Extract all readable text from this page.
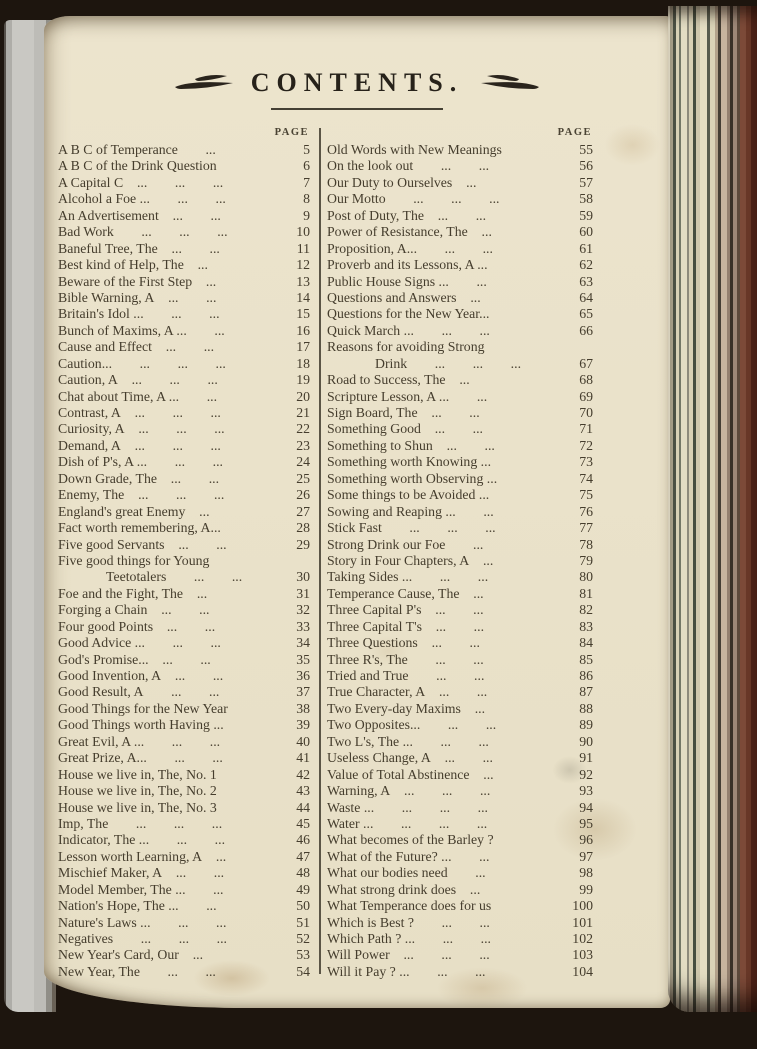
CONTENTS.
PAGE
A B C of Temperance  ...	5
A B C of the Drink Question	6
A Capital C ...  ...  ...	7
Alcohol a Foe ...  ...  ...	8
An Advertisement ...  ...	9
Bad Work  ...  ...  ...	10
Baneful Tree, The ...  ...	11
Best kind of Help, The ...	12
Beware of the First Step ...	13
Bible Warning, A ...  ...	14
Britain's Idol ...  ...  ...	15
Bunch of Maxims, A ...  ...	16
Cause and Effect ...  ...	17
Caution...  ...  ...  ...	18
Caution, A ...  ...  ...	19
Chat about Time, A ...  ...	20
Contrast, A ...  ...  ...	21
Curiosity, A ...  ...  ...	22
Demand, A ...  ...  ...	23
Dish of P's, A ...  ...  ...	24
Down Grade, The ...  ...	25
Enemy, The ...  ...  ...	26
England's great Enemy ...	27
Fact worth remembering, A...	28
Five good Servants ...  ...	29
Five good things for Young
Teetotalers  ...  ...	30
Foe and the Fight, The ...	31
Forging a Chain ...  ...	32
Four good Points ...  ...	33
Good Advice ...  ...  ...	34
God's Promise... ...  ...	35
Good Invention, A ...  ...	36
Good Result, A  ...  ...	37
Good Things for the New Year	38
Good Things worth Having ...	39
Great Evil, A ...  ...  ...	40
Great Prize, A...  ...  ...	41
House we live in, The, No. 1	42
House we live in, The, No. 2	43
House we live in, The, No. 3	44
Imp, The  ...  ...  ...	45
Indicator, The ...  ...  ...	46
Lesson worth Learning, A ...	47
Mischief Maker, A ...  ...	48
Model Member, The ...  ...	49
Nation's Hope, The ...  ...	50
Nature's Laws ...  ...  ...	51
Negatives  ...  ...  ...	52
New Year's Card, Our ...	53
New Year, The  ...  ...	54
PAGE
Old Words with New Meanings	55
On the look out  ...  ...	56
Our Duty to Ourselves ...	57
Our Motto  ...  ...  ...	58
Post of Duty, The ...  ...	59
Power of Resistance, The ...	60
Proposition, A...  ...  ...	61
Proverb and its Lessons, A ...	62
Public House Signs ...  ...	63
Questions and Answers ...	64
Questions for the New Year...	65
Quick March ...  ...  ...	66
Reasons for avoiding Strong
Drink  ...  ...  ...	67
Road to Success, The ...	68
Scripture Lesson, A ...  ...	69
Sign Board, The ...  ...	70
Something Good ...  ...	71
Something to Shun ...  ...	72
Something worth Knowing ...	73
Something worth Observing ...	74
Some things to be Avoided ...	75
Sowing and Reaping ...  ...	76
Stick Fast  ...  ...  ...	77
Strong Drink our Foe  ...	78
Story in Four Chapters, A ...	79
Taking Sides ...  ...  ...	80
Temperance Cause, The ...	81
Three Capital P's ...  ...	82
Three Capital T's ...  ...	83
Three Questions ...  ...	84
Three R's, The  ...  ...	85
Tried and True  ...  ...	86
True Character, A ...  ...	87
Two Every-day Maxims ...	88
Two Opposites...  ...  ...	89
Two L's, The ...  ...  ...	90
Useless Change, A ...  ...	91
Value of Total Abstinence ...	92
Warning, A ...  ...  ...	93
Waste ...  ...  ...  ...	94
Water ...  ...  ...  ...	95
What becomes of the Barley ?	96
What of the Future? ...  ...	97
What our bodies need  ...	98
What strong drink does ...	99
What Temperance does for us	100
Which is Best ?  ...  ...	101
Which Path ? ...  ...  ...	102
Will Power ...  ...  ...	103
Will it Pay ? ...  ...  ...	104
